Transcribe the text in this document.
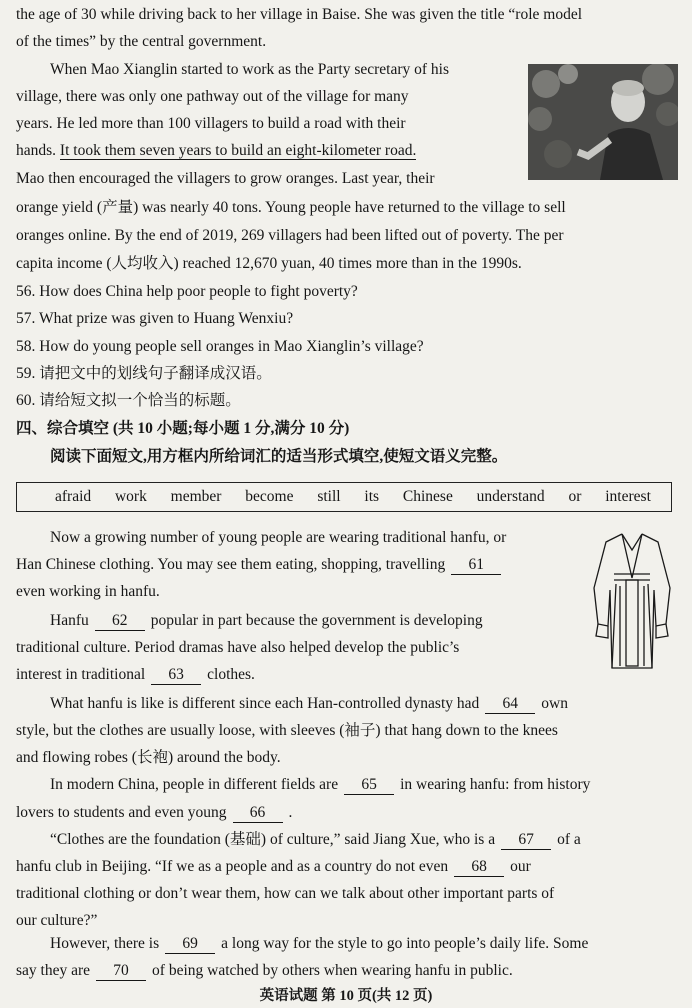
the age of 30 while driving back to her village in Baise. She was given the title “role model
of the times” by the central government.
When Mao Xianglin started to work as the Party secretary of his
village, there was only one pathway out of the village for many
years. He led more than 100 villagers to build a road with their
hands. It took them seven years to build an eight-kilometer road.
Mao then encouraged the villagers to grow oranges. Last year, their
orange yield (产量) was nearly 40 tons. Young people have returned to the village to sell
oranges online. By the end of 2019, 269 villagers had been lifted out of poverty. The per
capita income (人均收入) reached 12,670 yuan, 40 times more than in the 1990s.
56. How does China help poor people to fight poverty?
57. What prize was given to Huang Wenxiu?
58. How do young people sell oranges in Mao Xianglin’s village?
59. 请把文中的划线句子翻译成汉语。
60. 请给短文拟一个恰当的标题。
四、综合填空 (共 10 小题;每小题 1 分,满分 10 分)
阅读下面短文,用方框内所给词汇的适当形式填空,使短文语义完整。
afraid work member become still its Chinese understand or interest
Now a growing number of young people are wearing traditional hanfu, or
Han Chinese clothing. You may see them eating, shopping, travelling 61
even working in hanfu.
Hanfu 62 popular in part because the government is developing
traditional culture. Period dramas have also helped develop the public’s
interest in traditional 63 clothes.
What hanfu is like is different since each Han-controlled dynasty had 64 own
style, but the clothes are usually loose, with sleeves (袖子) that hang down to the knees
and flowing robes (长袍) around the body.
In modern China, people in different fields are 65 in wearing hanfu: from history
lovers to students and even young 66 .
“Clothes are the foundation (基础) of culture,” said Jiang Xue, who is a 67 of a
hanfu club in Beijing. “If we as a people and as a country do not even 68 our
traditional clothing or don’t wear them, how can we talk about other important parts of
our culture?”
However, there is 69 a long way for the style to go into people’s daily life. Some
say they are 70 of being watched by others when wearing hanfu in public.
英语试题 第 10 页(共 12 页)
